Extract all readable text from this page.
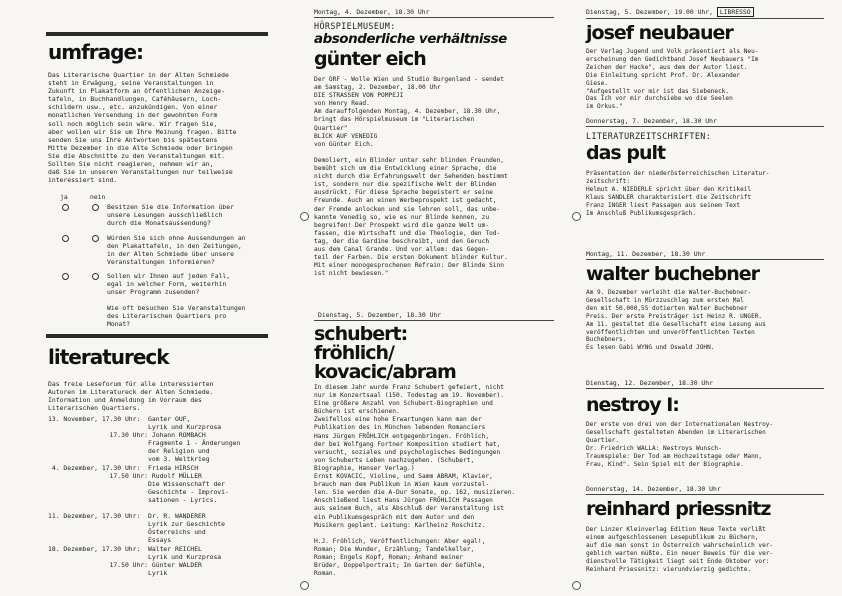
umfrage:
Das Literarische Quartier in der Alten Schmiede
steht in Erwägung, seine Veranstaltungen in
Zukunft in Plakatform an öffentlichen Anzeige-
tafeln, in Buchhandlungen, Caféhäusern, Loch-
schildern usw., etc. anzukündigen. Von einer
monatlichen Versendung in der gewohnten Form
soll noch möglich sein wäre. Wir fragen Sie,
aber wollen wir Sie um Ihre Meinung fragen. Bitte
senden Sie uns Ihre Antworten bis spätestens
Mitte Dezember in die Alte Schmiede oder bringen
Sie die Abschnitte zu den Veranstaltungen mit.
Sollten Sie nicht reagieren, nehmen wir an,
daß Sie in unseren Veranstaltungen nur teilweise
interessiert sind.
ja	nein
Besitzen Sie die Information über
unsere Lesungen ausschließlich
durch die Monatsaussendung?
Würden Sie sich ohne Aussendungen an
den Plakattafeln, in den Zeitungen,
in der Alten Schmiede über unsere
Veranstaltungen informieren?
Sollen wir Ihnen auf jeden Fall,
egal in welcher Form, weiterhin
unser Programm zusenden?
Wie oft besuchen Sie Veranstaltungen
des Literarischen Quartiers pro
Monat?
literatureck
Das freie Leseforum für alle interessierten
Autoren im Literatureck der Alten Schmiede.
Information und Anmeldung im Vorraum des
Literarischen Quartiers.
13. November, 17.30 Uhr:  Ganter OUF,
Lyrik und Kurzprosa
17.30 Uhr: Johann ROMBACH
Fragmente 1 - Änderungen
der Religion und
vom 3. Weltkrieg
4. Dezember, 17.30 Uhr:  Frieda HIRSCH
17.50 Uhr: Rudolf MÜLLER
Die Wissenschaft der
Geschichte - Improvi-
sationen - Lyrics.

11. Dezember, 17.30 Uhr:  Dr. R. WANDERER
Lyrik zur Geschichte
Österreichs und
Essays
18. Dezember, 17.30 Uhr:  Walter REICHEL
Lyrik und Kurzprosa
17.50 Uhr: Günter WALDER
Lyrik
Montag, 4. Dezember, 18.30 Uhr
HÖRSPIELMUSEUM:
absonderliche verhältnisse
günter eich
Der ORF - Wolle Wien und Studio Burgenland - sendet
am Samstag, 2. Dezember, 18.00 Uhr
DIE STRASSEN VON POMPEJI
von Henry Read.
Am darauffolgenden Montag, 4. Dezember, 18.30 Uhr,
bringt das Hörspielmuseum im "Literarischen
Quartier"
BLICK AUF VENEDIG
von Günter Eich.

Demoliert, ein Blinder unter sehr blinden Freunden,
bemüht sich um die Entwicklung einer Sprache, die
nicht durch die Erfahrungswelt der Sehenden bestimmt
ist, sondern nur die spezifische Welt der Blinden
ausdrückt. Für diese Sprache begeistert er seine
Freunde. Auch an einen Werbeprospekt ist gedacht,
der Fremde anlocken und sie lehren soll, das unbe-
kannte Venedig so, wie es nur Blinde kennen, zu
begreifen! Der Prospekt wird die ganze Welt um-
fassen, die Wirtschaft und die Theologie, den Tod-
tag, der die Gardine beschreibt, und den Geruch
aus dem Canal Grande. Und vor allem: das Gegen-
teil der Farben. Die ersten Dokument blinder Kultur.
Mit einer monogesprochenen Refrain: Der Blinde Sinn
ist nicht bewiesen."
Dienstag, 5. Dezember, 18.30 Uhr
schubert:
fröhlich/
kovacic/abram
In diesem Jahr wurde Franz Schubert gefeiert, nicht
nur im Konzertsaal (150. Todestag am 19. November).
Eine größere Anzahl von Schubert-Biographien und
Büchern ist erschienen.
Zweifellos eine hohe Erwartungen kann man der
Publikation des in München lebenden Romanciers
Hans Jürgen FRÖHLICH entgegenbringen. Fröhlich,
der bei Wolfgang Fortner Komposition studiert hat,
versucht, soziales und psychologisches Bedingungen
von Schuberts Leben nachzugehen. (Schubert,
Biographie, Hanser Verlag.)
Ernst KOVACIC, Violine, und Samm ABRAM, Klavier,
brauch man dem Publikum in Wien kaum vorzustel-
len. Sie werden die A-Dur Sonate, op. 162, musizieren.
Anschließend liest Hans Jürgen FRÖHLICH Passagen
aus seinem Buch, als Abschluß der Veranstaltung ist
ein Publikumsgespräch mit dem Autor und den
Musikern geplant. Leitung: Karlheinz Roschitz.

H.J. Fröhlich, Veröffentlichungen: Aber egal!,
Roman; Die Wunder, Erzählung; Tandelkeller,
Roman; Engels Kopf, Roman; Anhand meiner
Brüder, Doppelportrait; Im Garten der Gefühle,
Roman.
Dienstag, 5. Dezember, 19.00 Uhr, LIBRESSO
josef neubauer
Der Verlag Jugend und Volk präsentiert als Neu-
erscheinung den Gedichtband Josef Neubauers "Im
Zeichen der Hacke", aus dem der Autor liest.
Die Einleitung spricht Prof. Dr. Alexander
Giese.
"Aufgestellt vor mir ist das Siebeneck.
Das Ich vor mir durchsiebe wo die Seelen
im Orkus."
Donnerstag, 7. Dezember, 18.30 Uhr
LITERATURZEITSCHRIFTEN:
das pult
Präsentation der niederösterreichischen Literatur-
zeitschrift:
Helmut A. NIEDERLE spricht über den Kritikeil
Klaus SANDLER charakterisiert die Zeitschrift
Franz INGER liest Passagen aus seinem Text
Im Anschluß Publikumsgespräch.
Montag, 11. Dezember, 18.30 Uhr
walter buchebner
Am 9. Dezember verleiht die Walter-Buchebner-
Gesellschaft in Mürzzuschlag zum ersten Mal
den mit 50.000,55 dotierten Walter Buchebner
Preis. Der erste Preisträger ist Heinz R. UNGER.
Am 11. gestaltet die Gesellschaft eine Lesung aus
veröffentlichten und unveröffentlichten Texten
Buchebners.
Es lesen Gabi WYNG und Oswald JOHN.
Dienstag, 12. Dezember, 18.30 Uhr
nestroy I:
Der erste von drei von der Internationalen Nestroy-
Gesellschaft gestalteten Abenden im Literarischen
Quartier.
Dr. Friedrich WALLA: Nestroys Wunsch-
Traumspiele: Der Tod am Hochzeitstage oder Mann,
Frau, Kind". Sein Spiel mit der Biographie.
Donnerstag, 14. Dezember, 18.30 Uhr
reinhard priessnitz
Der Linzer Kleinverlag Edition Neue Texte verlißt
einem aufgeschlossenen Lesepublikum zu Büchern,
auf die man sonst in Österreich wahrscheinlich ver-
geblich warten müßte. Ein neuer Beweis für die ver-
dienstvolle Tätigkeit liegt seit Ende Oktober vor:
Reinhard Priessnitz: vierundvierzig gedichte.
